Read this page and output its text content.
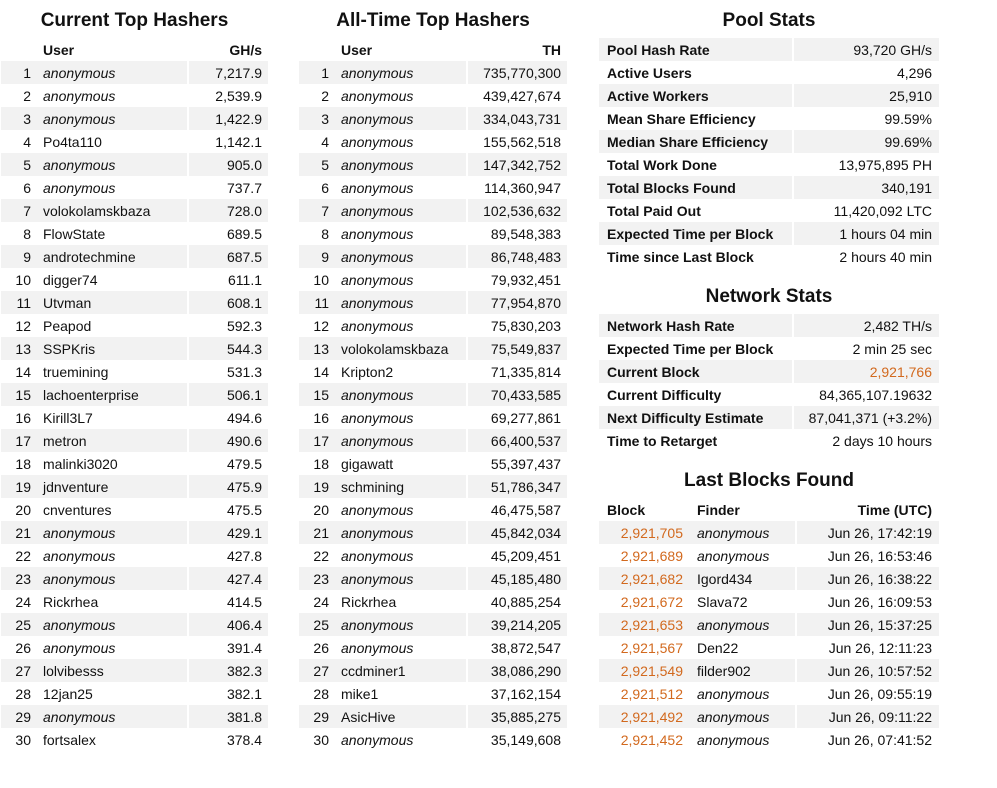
Current Top Hashers
	User	GH/s
1	anonymous	7,217.9
2	anonymous	2,539.9
3	anonymous	1,422.9
4	Po4ta110	1,142.1
5	anonymous	905.0
6	anonymous	737.7
7	volokolamskbaza	728.0
8	FlowState	689.5
9	androtechmine	687.5
10	digger74	611.1
11	Utvman	608.1
12	Peapod	592.3
13	SSPKris	544.3
14	truemining	531.3
15	lachoenterprise	506.1
16	Kirill3L7	494.6
17	metron	490.6
18	malinki3020	479.5
19	jdnventure	475.9
20	cnventures	475.5
21	anonymous	429.1
22	anonymous	427.8
23	anonymous	427.4
24	Rickrhea	414.5
25	anonymous	406.4
26	anonymous	391.4
27	lolvibesss	382.3
28	12jan25	382.1
29	anonymous	381.8
30	fortsalex	378.4
All-Time Top Hashers
	User	TH
1	anonymous	735,770,300
2	anonymous	439,427,674
3	anonymous	334,043,731
4	anonymous	155,562,518
5	anonymous	147,342,752
6	anonymous	114,360,947
7	anonymous	102,536,632
8	anonymous	89,548,383
9	anonymous	86,748,483
10	anonymous	79,932,451
11	anonymous	77,954,870
12	anonymous	75,830,203
13	volokolamskbaza	75,549,837
14	Kripton2	71,335,814
15	anonymous	70,433,585
16	anonymous	69,277,861
17	anonymous	66,400,537
18	gigawatt	55,397,437
19	schmining	51,786,347
20	anonymous	46,475,587
21	anonymous	45,842,034
22	anonymous	45,209,451
23	anonymous	45,185,480
24	Rickrhea	40,885,254
25	anonymous	39,214,205
26	anonymous	38,872,547
27	ccdminer1	38,086,290
28	mike1	37,162,154
29	AsicHive	35,885,275
30	anonymous	35,149,608
Pool Stats
Pool Hash Rate	93,720 GH/s
Active Users	4,296
Active Workers	25,910
Mean Share Efficiency	99.59%
Median Share Efficiency	99.69%
Total Work Done	13,975,895 PH
Total Blocks Found	340,191
Total Paid Out	11,420,092 LTC
Expected Time per Block	1 hours 04 min
Time since Last Block	2 hours 40 min
Network Stats
Network Hash Rate	2,482 TH/s
Expected Time per Block	2 min 25 sec
Current Block	2,921,766
Current Difficulty	84,365,107.19632
Next Difficulty Estimate	87,041,371 (+3.2%)
Time to Retarget	2 days 10 hours
Last Blocks Found
Block	Finder	Time (UTC)
2,921,705	anonymous	Jun 26, 17:42:19
2,921,689	anonymous	Jun 26, 16:53:46
2,921,682	Igord434	Jun 26, 16:38:22
2,921,672	Slava72	Jun 26, 16:09:53
2,921,653	anonymous	Jun 26, 15:37:25
2,921,567	Den22	Jun 26, 12:11:23
2,921,549	filder902	Jun 26, 10:57:52
2,921,512	anonymous	Jun 26, 09:55:19
2,921,492	anonymous	Jun 26, 09:11:22
2,921,452	anonymous	Jun 26, 07:41:52
